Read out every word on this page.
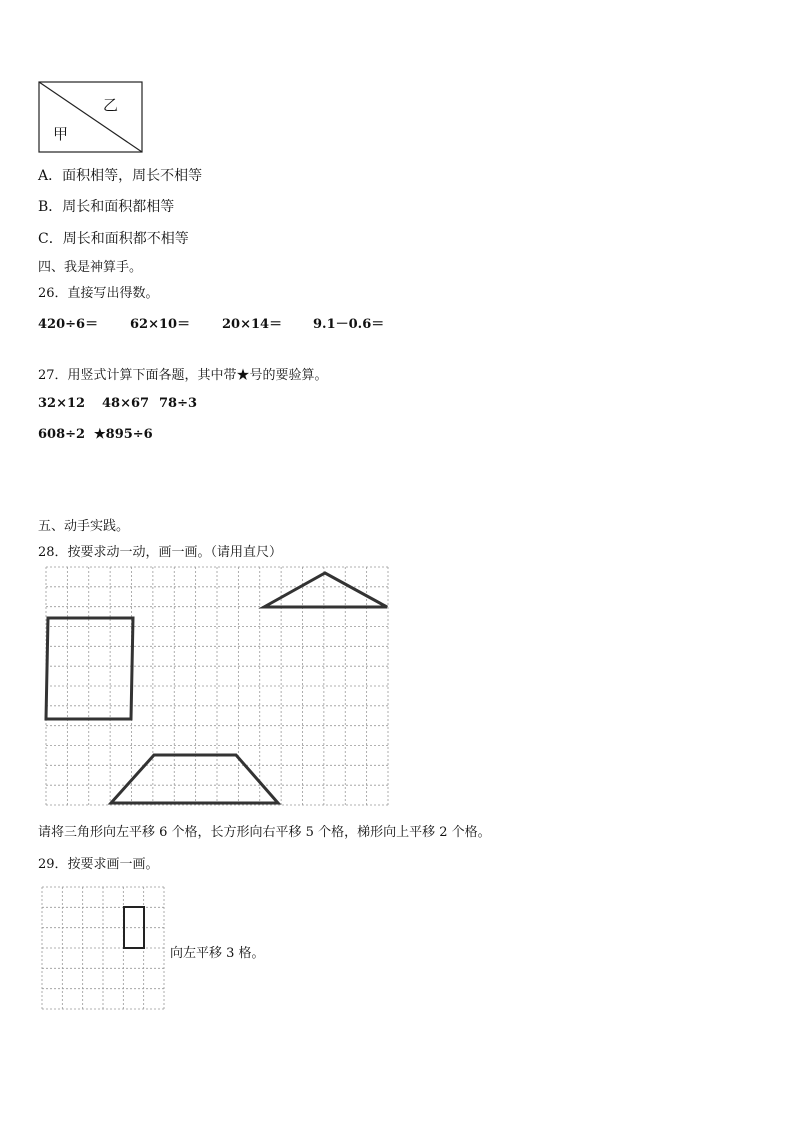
乙
甲
A．面积相等，周长不相等
B．周长和面积都相等
C．周长和面积都不相等
四、我是神算手。
26．直接写出得数。
420÷6＝ 62×10＝ 20×14＝ 9.1－0.6＝
27．用竖式计算下面各题，其中带★号的要验算。
32×12 48×67 78÷3
608÷2 ★895÷6
五、动手实践。
28．按要求动一动，画一画。（请用直尺）
请将三角形向左平移 6 个格，长方形向右平移 5 个格，梯形向上平移 2 个格。
29．按要求画一画。
向左平移 3 格。
